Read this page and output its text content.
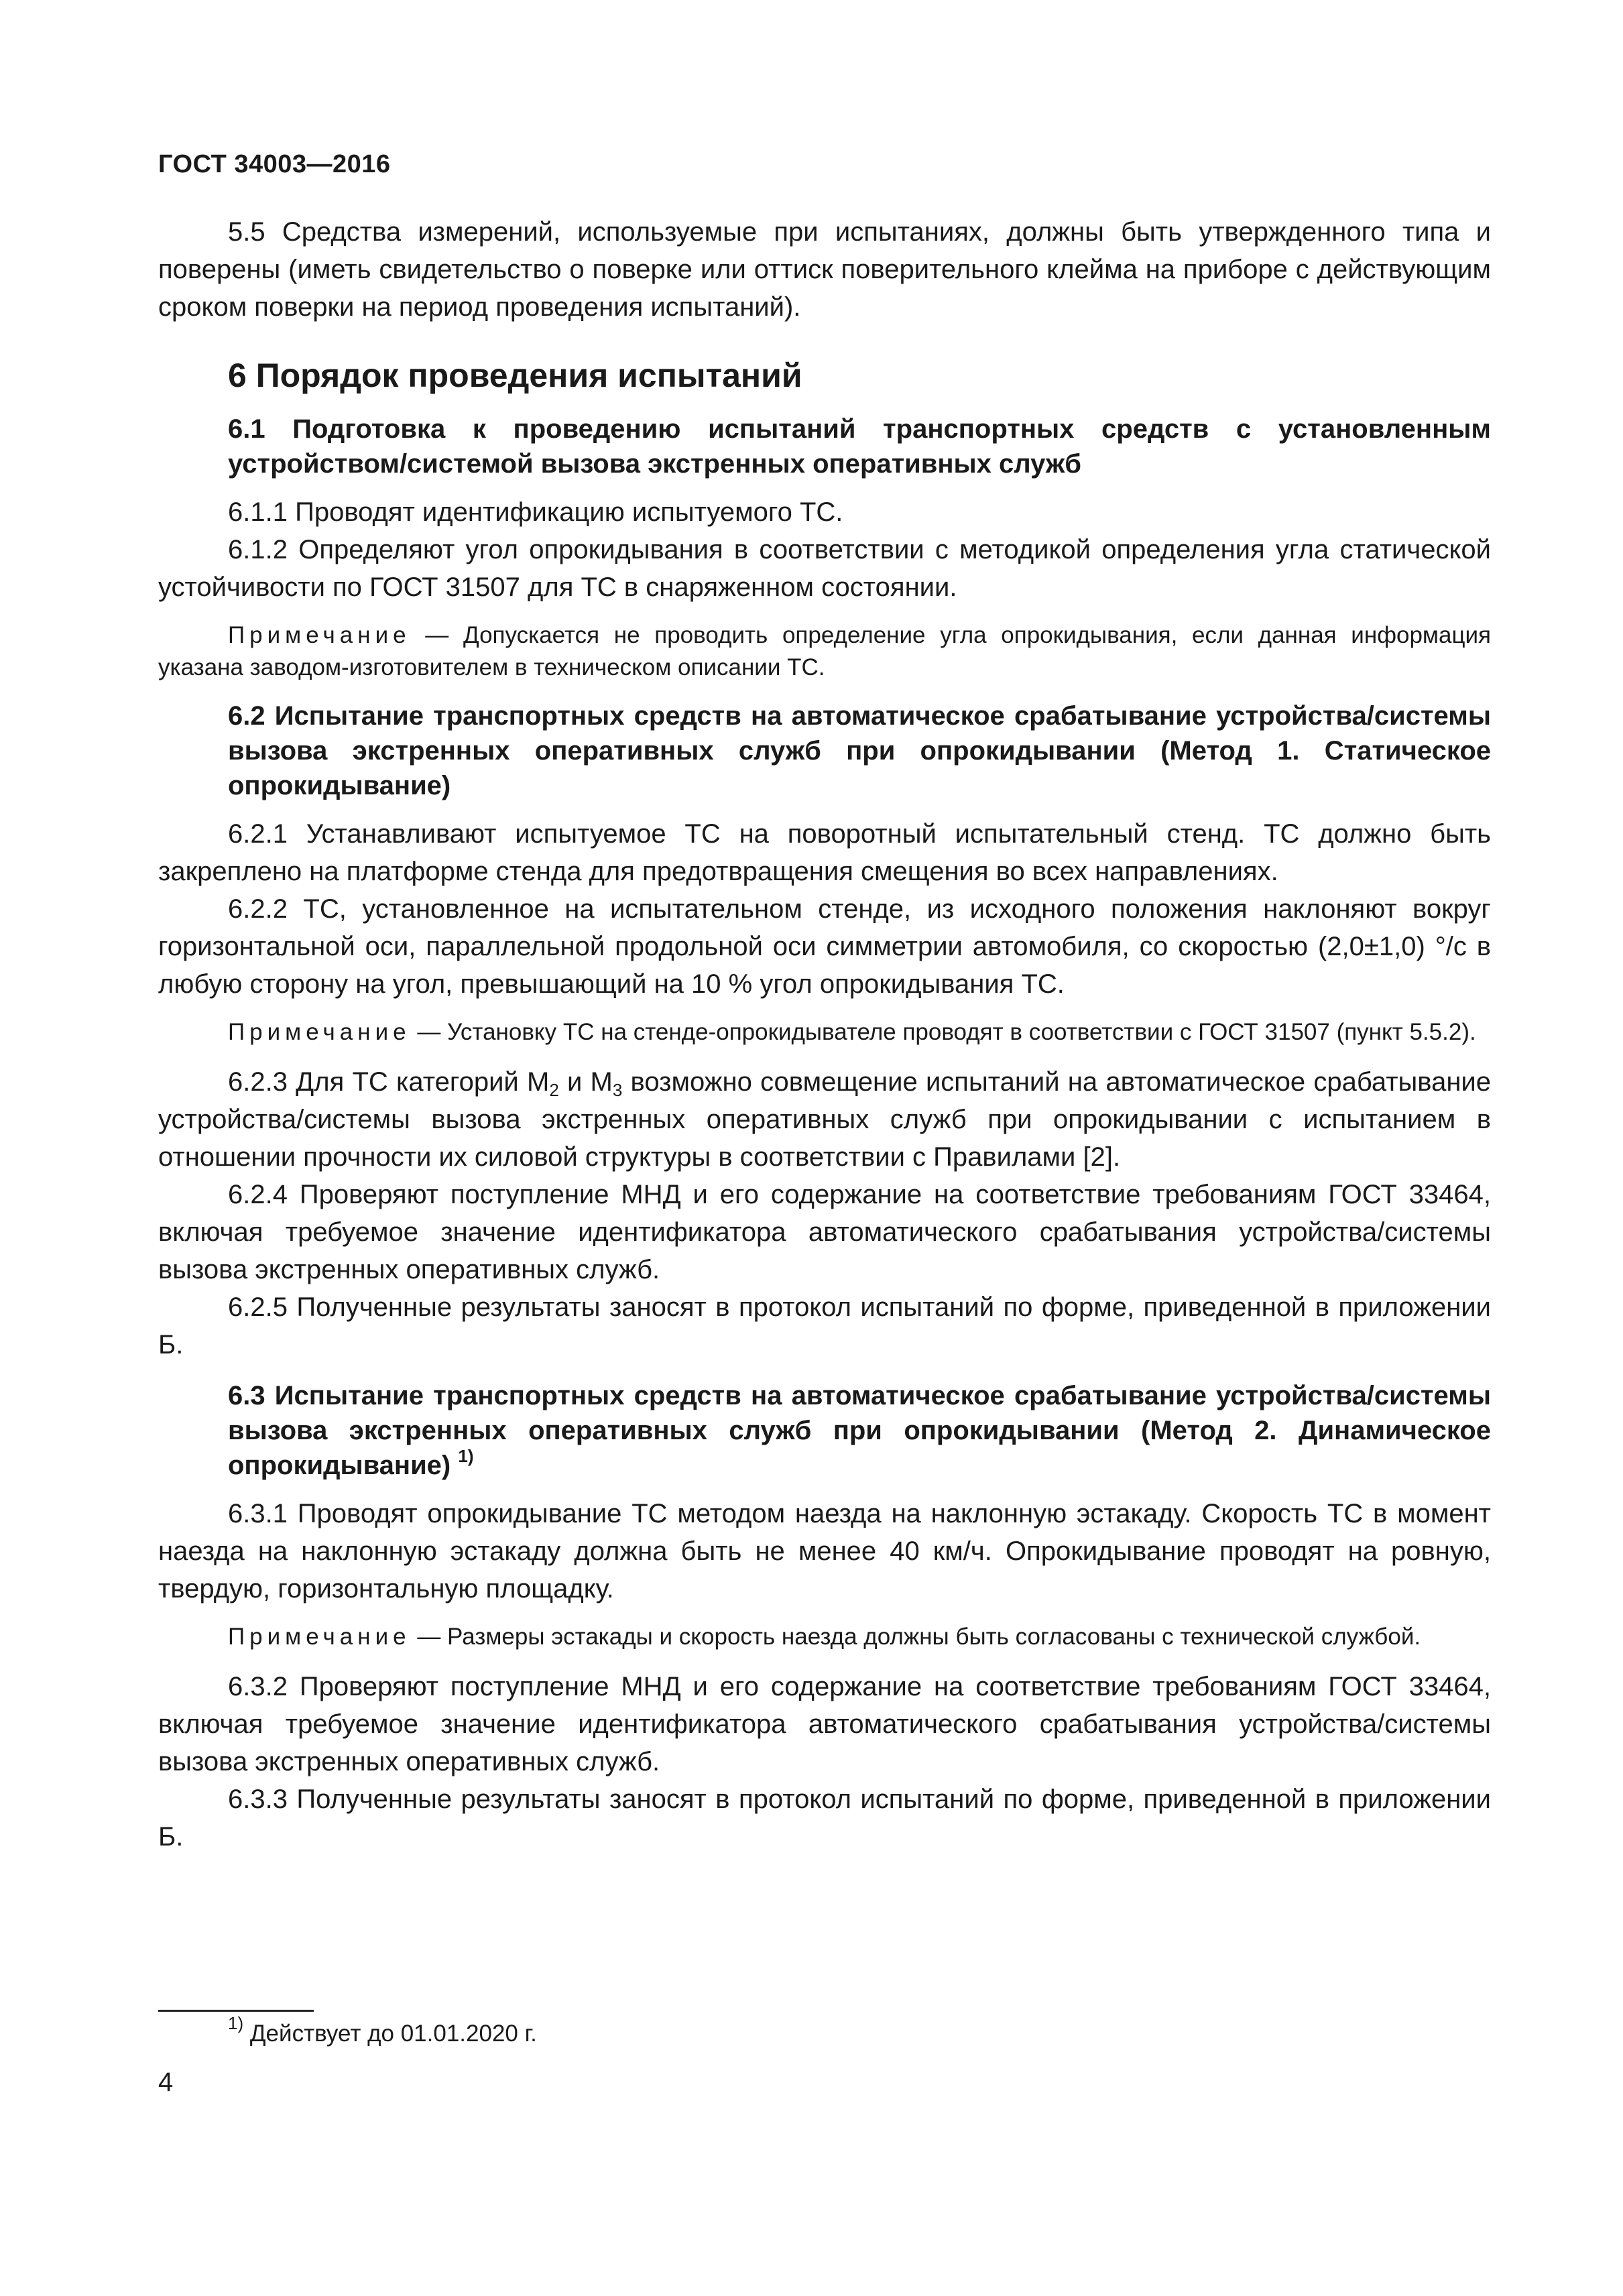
ГОСТ 34003—2016

5.5 Средства измерений, используемые при испытаниях, должны быть утвержденного типа и поверены (иметь свидетельство о поверке или оттиск поверительного клейма на приборе с действующим сроком поверки на период проведения испытаний).

6 Порядок проведения испытаний
6.1 Подготовка к проведению испытаний транспортных средств с установленным устройством/системой вызова экстренных оперативных служб

6.1.1 Проводят идентификацию испытуемого ТС.

6.1.2 Определяют угол опрокидывания в соответствии с методикой определения угла статической устойчивости по ГОСТ 31507 для ТС в снаряженном состоянии.

Примечание — Допускается не проводить определение угла опрокидывания, если данная информация указана заводом-изготовителем в техническом описании ТС.

6.2 Испытание транспортных средств на автоматическое срабатывание устройства/системы вызова экстренных оперативных служб при опрокидывании (Метод 1. Статическое опрокидывание)

6.2.1 Устанавливают испытуемое ТС на поворотный испытательный стенд. ТС должно быть закреплено на платформе стенда для предотвращения смещения во всех направлениях.

6.2.2 ТС, установленное на испытательном стенде, из исходного положения наклоняют вокруг горизонтальной оси, параллельной продольной оси симметрии автомобиля, со скоростью (2,0±1,0) °/с в любую сторону на угол, превышающий на 10 % угол опрокидывания ТС.

Примечание — Установку ТС на стенде-опрокидывателе проводят в соответствии с ГОСТ 31507 (пункт 5.5.2).

6.2.3 Для ТС категорий $М_2$ и $М_3$ возможно совмещение испытаний на автоматическое срабатывание устройства/системы вызова экстренных оперативных служб при опрокидывании с испытанием в отношении прочности их силовой структуры в соответствии с Правилами [2].

6.2.4 Проверяют поступление МНД и его содержание на соответствие требованиям ГОСТ 33464, включая требуемое значение идентификатора автоматического срабатывания устройства/системы вызова экстренных оперативных служб.

6.2.5 Полученные результаты заносят в протокол испытаний по форме, приведенной в приложении Б.

6.3 Испытание транспортных средств на автоматическое срабатывание устройства/системы вызова экстренных оперативных служб при опрокидывании (Метод 2. Динамическое опрокидывание) $^{1)}$

6.3.1 Проводят опрокидывание ТС методом наезда на наклонную эстакаду. Скорость ТС в момент наезда на наклонную эстакаду должна быть не менее 40 км/ч. Опрокидывание проводят на ровную, твердую, горизонтальную площадку.

Примечание — Размеры эстакады и скорость наезда должны быть согласованы с технической службой.

6.3.2 Проверяют поступление МНД и его содержание на соответствие требованиям ГОСТ 33464, включая требуемое значение идентификатора автоматического срабатывания устройства/системы вызова экстренных оперативных служб.

6.3.3 Полученные результаты заносят в протокол испытаний по форме, приведенной в приложении Б.

$^{1)}$ Действует до 01.01.2020 г.
4
